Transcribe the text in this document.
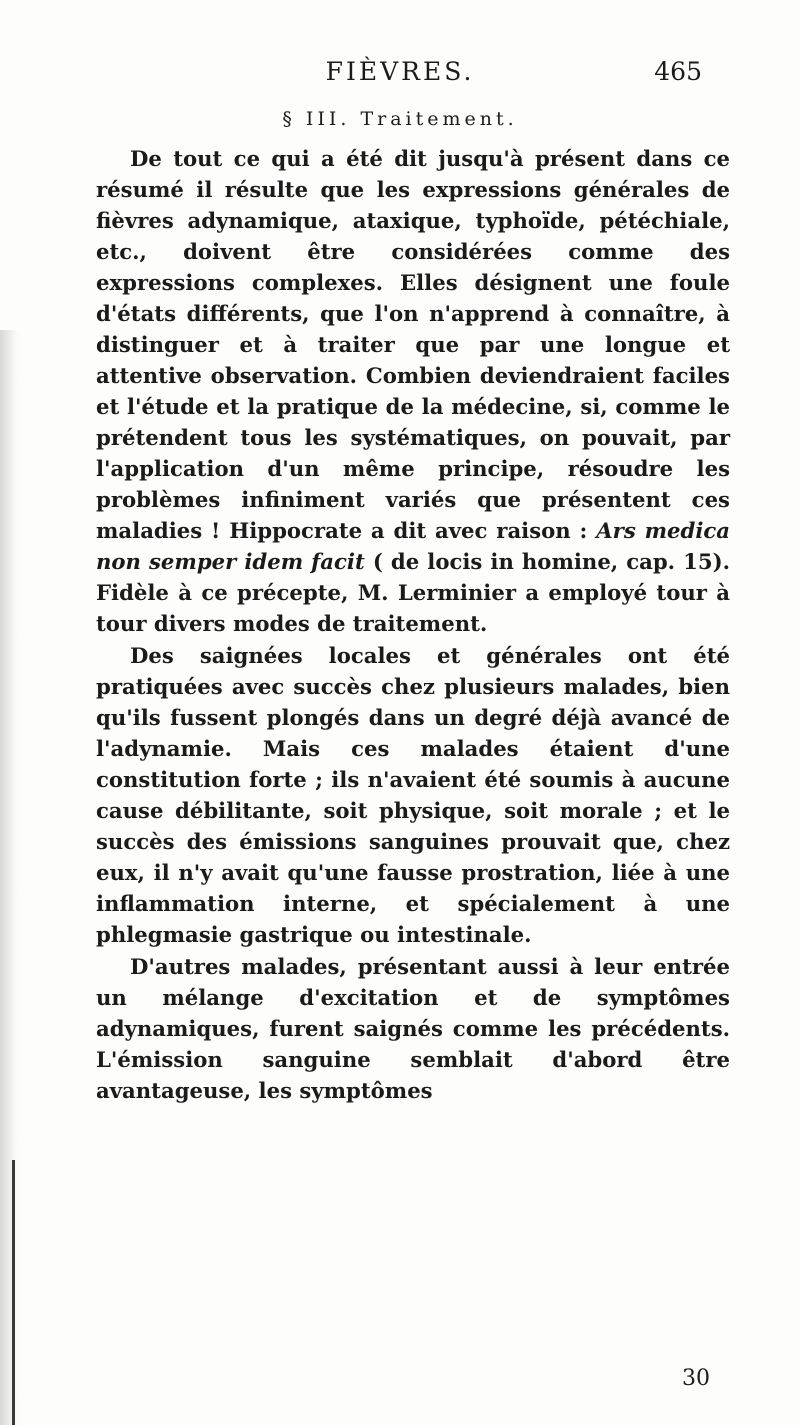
FIÈVRES.	465
§ III. Traitement.

De tout ce qui a été dit jusqu'à présent dans ce résumé il résulte que les expressions générales de fièvres adynamique, ataxique, typhoïde, pétéchiale, etc., doivent être considérées comme des expressions complexes. Elles désignent une foule d'états différents, que l'on n'apprend à connaître, à distinguer et à traiter que par une longue et attentive observation. Combien deviendraient faciles et l'étude et la pratique de la médecine, si, comme le prétendent tous les systématiques, on pouvait, par l'application d'un même principe, résoudre les problèmes infiniment variés que présentent ces maladies ! Hippocrate a dit avec raison : Ars medica non semper idem facit ( de locis in homine, cap. 15). Fidèle à ce précepte, M. Lerminier a employé tour à tour divers modes de traitement.

Des saignées locales et générales ont été pratiquées avec succès chez plusieurs malades, bien qu'ils fussent plongés dans un degré déjà avancé de l'adynamie. Mais ces malades étaient d'une constitution forte ; ils n'avaient été soumis à aucune cause débilitante, soit physique, soit morale ; et le succès des émissions sanguines prouvait que, chez eux, il n'y avait qu'une fausse prostration, liée à une inflammation interne, et spécialement à une phlegmasie gastrique ou intestinale.

D'autres malades, présentant aussi à leur entrée un mélange d'excitation et de symptômes adynamiques, furent saignés comme les précédents. L'émission sanguine semblait d'abord être avantageuse, les symptômes

30
